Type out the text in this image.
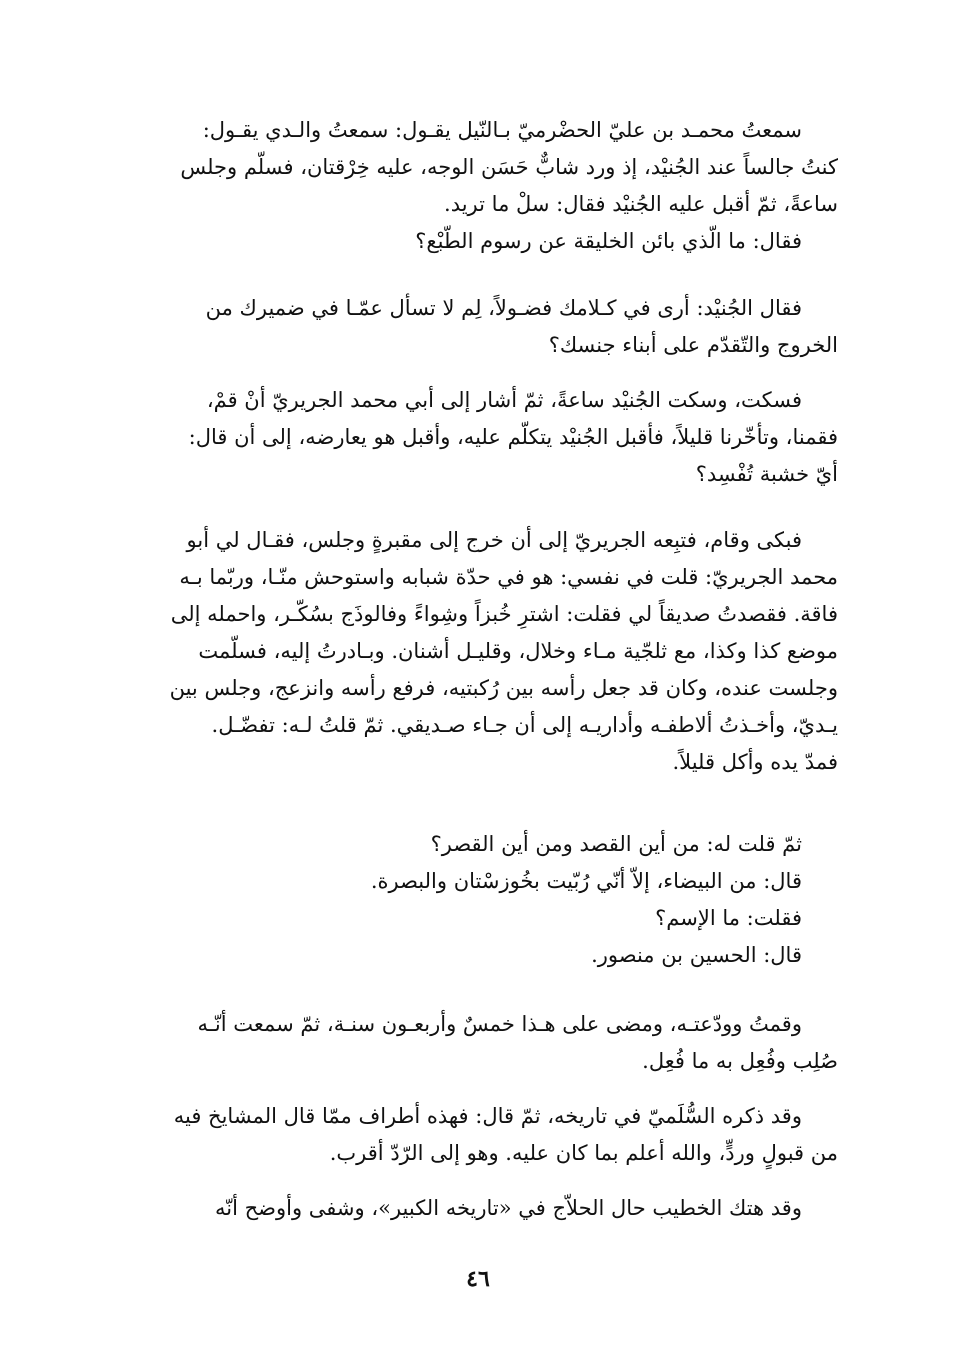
سمعتُ محمـد بن عليّ الحضْرميّ بـالنّيل يقـول: سمعتُ والـدي يقـول:
كنتُ جالساً عند الجُنيْد، إذ ورد شابٌّ حَسَن الوجه، عليه خِرْقتان، فسلّم وجلس
ساعةً، ثمّ أقبل عليه الجُنيْد فقال: سلْ ما تريد.
فقال: ما الّذي بائن الخليقة عن رسوم الطّبْع؟
فقال الجُنيْد: أرى في كـلامك فضـولاً، لِم لا تسأل عمّـا في ضميرك من
الخروج والتّقدّم على أبناء جنسك؟
فسكت، وسكت الجُنيْد ساعةً، ثمّ أشار إلى أبي محمد الجريريّ أنْ قمْ،
فقمنا، وتأخّرنا قليلاً، فأقبل الجُنيْد يتكلّم عليه، وأقبل هو يعارضه، إلى أن قال:
أيّ خشبة تُفْسِد؟
فبكى وقام، فتبِعه الجريريّ إلى أن خرج إلى مقبرةٍ وجلس، فقـال لي أبو
محمد الجريريّ: قلت في نفسي: هو في حدّة شبابه واستوحش منّـا، وربّما بـه
فاقة. فقصدتُ صديقاً لي فقلت: اشترِ خُبزاً وشِواءً وفالوذَج بسُكّـر، واحمله إلى
موضع كذا وكذا، مع ثلجّية مـاء وخلال، وقليـل أشنان. وبـادرتُ إليه، فسلّمت
وجلست عنده، وكان قد جعل رأسه بين رُكبتيه، فرفع رأسه وانزعج، وجلس بين
يـديّ، وأخـذتُ ألاطفـه وأداريـه إلى أن جـاء صـديقي. ثمّ قلتُ لـه: تفضّـل.
فمدّ يده وأكل قليلاً.
ثمّ قلت له: من أين القصد ومن أين القصر؟
قال: من البيضاء، إلاّ أنّي رُبّيت بخُوزسْتان والبصرة.
فقلت: ما الإسم؟
قال: الحسين بن منصور.
وقمتُ وودّعتـه، ومضى على هـذا خمسٌ وأربعـون سنـة، ثمّ سمعت أنّـه
صُلِب وفُعِل به ما فُعِل.
وقد ذكره السُّلَميّ في تاريخه، ثمّ قال: فهذه أطراف ممّا قال المشايخ فيه
من قبولٍ وردٍّ، والله أعلم بما كان عليه. وهو إلى الرّدّ أقرب.
وقد هتك الخطيب حال الحلاّج في «تاريخه الكبير»، وشفى وأوضح أنّه
٤٦
